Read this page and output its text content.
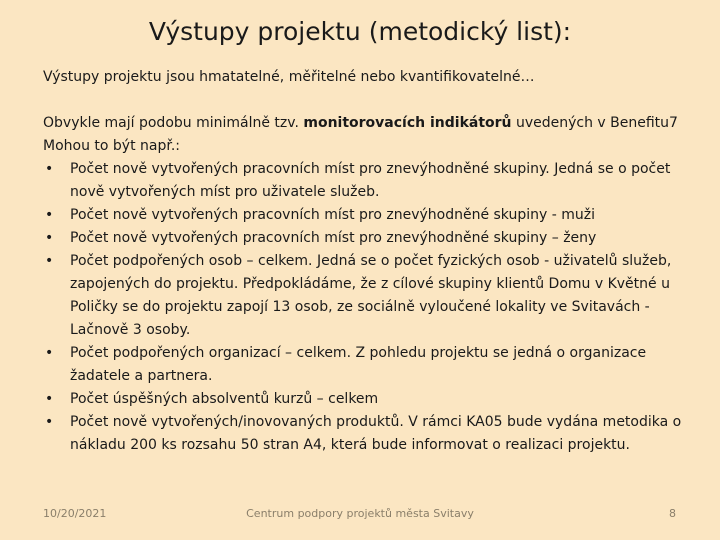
Výstupy projektu (metodický list):

Výstupy projektu jsou hmatatelné, měřitelné nebo kvantifikovatelné…

Obvykle mají podobu minimálně tzv. monitorovacích indikátorů uvedených v Benefitu7

Mohou to být např.:

• Počet nově vytvořených pracovních míst pro znevýhodněné skupiny. Jedná se o počet nově vytvořených míst pro uživatele služeb.
• Počet nově vytvořených pracovních míst pro znevýhodněné skupiny - muži
• Počet nově vytvořených pracovních míst pro znevýhodněné skupiny – ženy
• Počet podpořených osob – celkem. Jedná se o počet fyzických osob - uživatelů služeb, zapojených do projektu. Předpokládáme, že z cílové skupiny klientů Domu v Květné u Poličky se do projektu zapojí 13 osob, ze sociálně vyloučené lokality ve Svitavách - Lačnově 3 osoby.
• Počet podpořených organizací – celkem. Z pohledu projektu se jedná o organizace žadatele a partnera.
• Počet úspěšných absolventů kurzů – celkem
• Počet nově vytvořených/inovovaných produktů. V rámci KA05 bude vydána metodika o nákladu 200 ks rozsahu 50 stran A4, která bude informovat o realizaci projektu.
10/20/2021	Centrum podpory projektů města Svitavy	8
